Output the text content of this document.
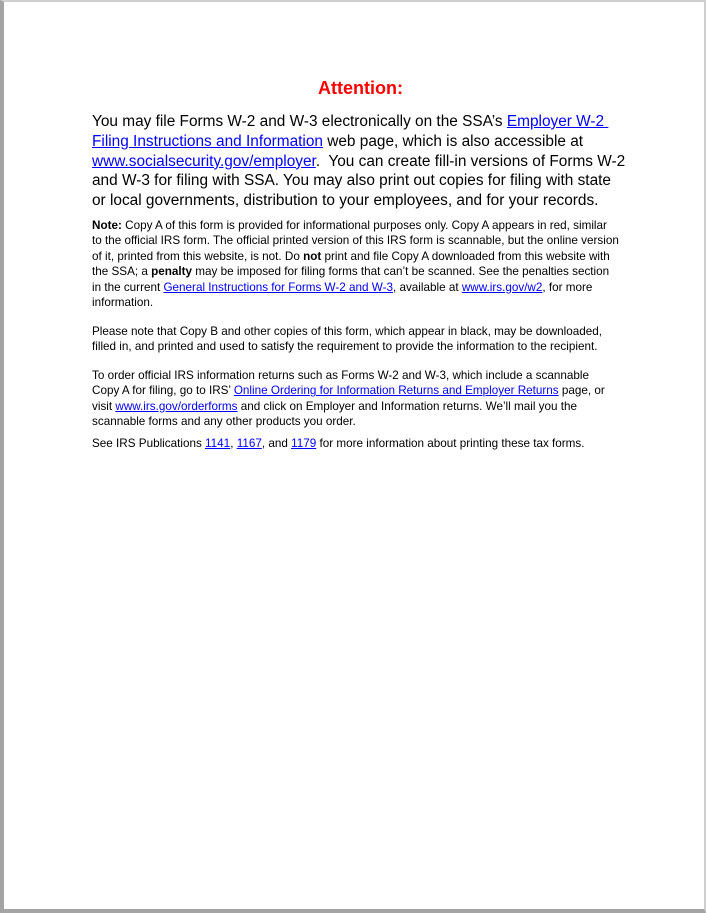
Attention:

You may file Forms W-2 and W-3 electronically on the SSA’s Employer W-2 Filing Instructions and Information web page, which is also accessible at www.socialsecurity.gov/employer.  You can create fill-in versions of Forms W-2 and W-3 for filing with SSA. You may also print out copies for filing with state or local governments, distribution to your employees, and for your records.

Note: Copy A of this form is provided for informational purposes only. Copy A appears in red, similar to the official IRS form. The official printed version of this IRS form is scannable, but the online version of it, printed from this website, is not. Do not print and file Copy A downloaded from this website with the SSA; a penalty may be imposed for filing forms that can’t be scanned. See the penalties section in the current General Instructions for Forms W-2 and W-3, available at www.irs.gov/w2, for more information.

Please note that Copy B and other copies of this form, which appear in black, may be downloaded, filled in, and printed and used to satisfy the requirement to provide the information to the recipient.

To order official IRS information returns such as Forms W-2 and W-3, which include a scannable Copy A for filing, go to IRS’ Online Ordering for Information Returns and Employer Returns page, or visit www.irs.gov/orderforms and click on Employer and Information returns. We’ll mail you the scannable forms and any other products you order.

See IRS Publications 1141, 1167, and 1179 for more information about printing these tax forms.
